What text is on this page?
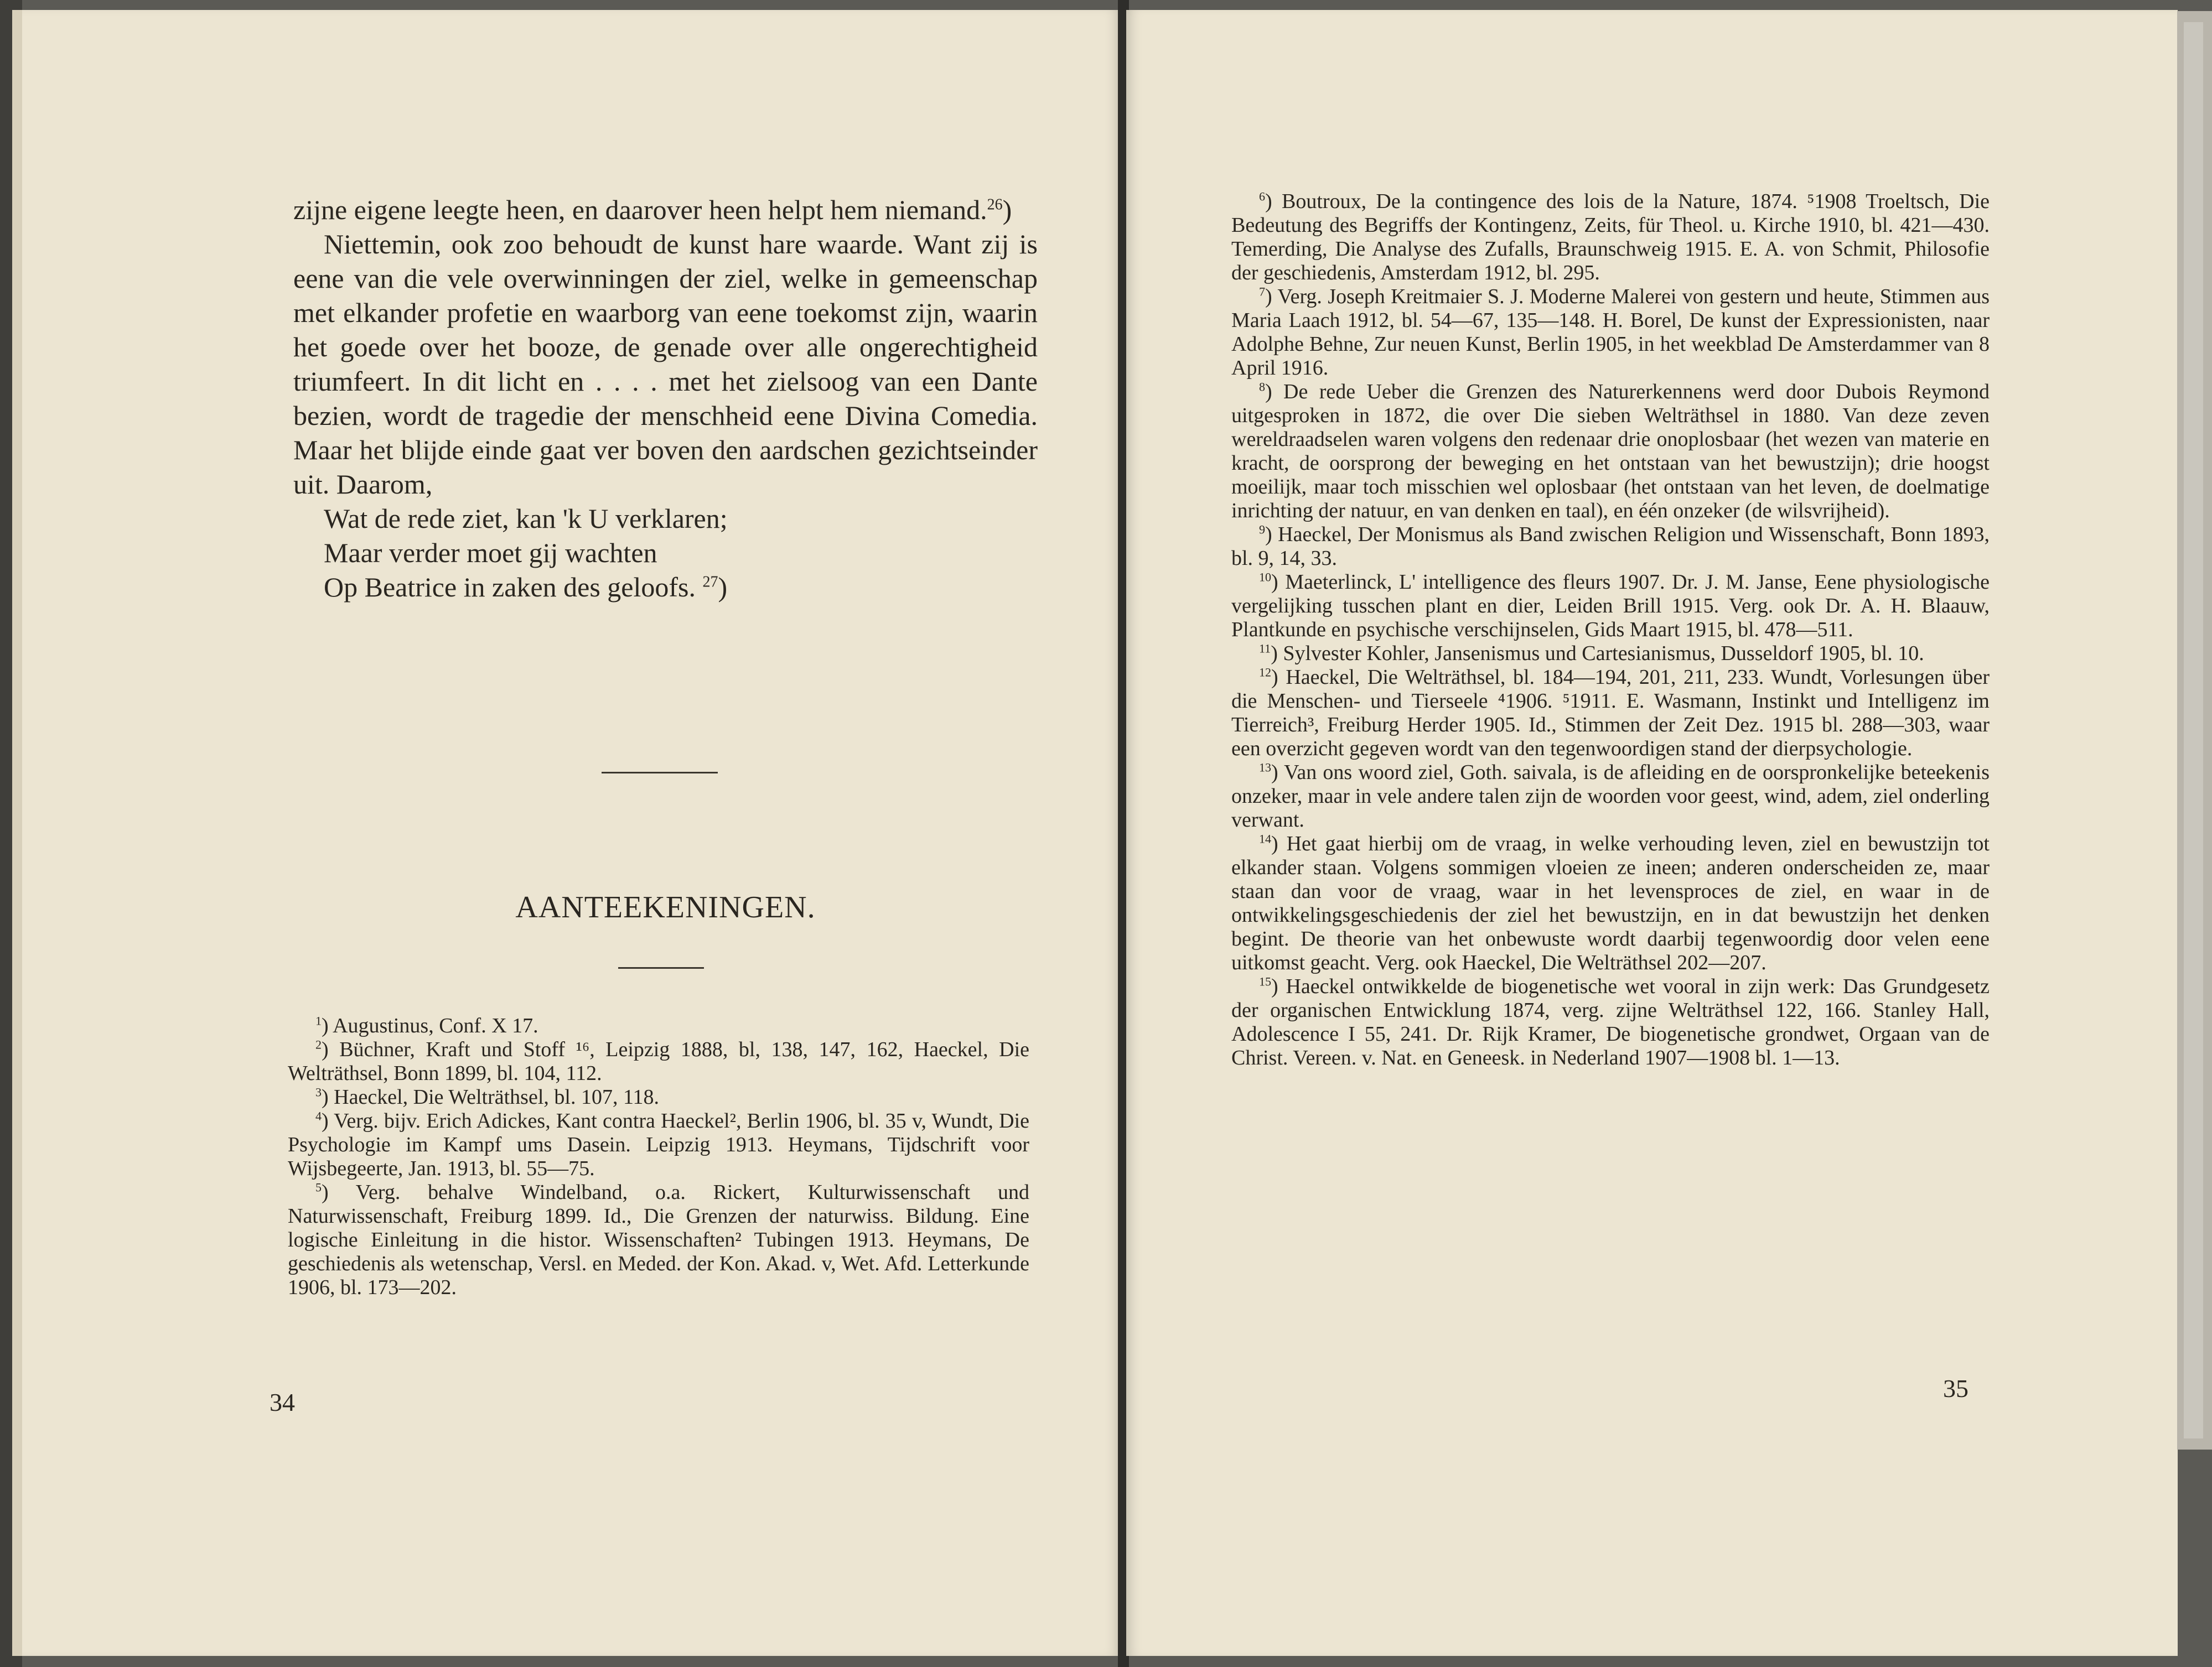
zijne eigene leegte heen, en daarover heen helpt hem niemand.$^{26}$)

Niettemin, ook zoo behoudt de kunst hare waarde. Want zij is eene van die vele overwinningen der ziel, welke in gemeenschap met elkander profetie en waarborg van eene toekomst zijn, waarin het goede over het booze, de genade over alle ongerechtigheid triumfeert. In dit licht en . . . . met het zielsoog van een Dante bezien, wordt de tragedie der menschheid eene Divina Comedia. Maar het blijde einde gaat ver boven den aardschen gezichtseinder uit. Daarom,

Wat de rede ziet, kan 'k U verklaren;

Maar verder moet gij wachten

Op Beatrice in zaken des geloofs. $^{27}$)

AANTEEKENINGEN.

$^1$) Augustinus, Conf. X 17.

$^2$) Büchner, Kraft und Stoff ¹⁶, Leipzig 1888, bl, 138, 147, 162, Haeckel, Die Welträthsel, Bonn 1899, bl. 104, 112.

$^3$) Haeckel, Die Welträthsel, bl. 107, 118.

$^4$) Verg. bijv. Erich Adickes, Kant contra Haeckel², Berlin 1906, bl. 35 v, Wundt, Die Psychologie im Kampf ums Dasein. Leipzig 1913. Heymans, Tijdschrift voor Wijsbegeerte, Jan. 1913, bl. 55—75.

$^5$) Verg. behalve Windelband, o.a. Rickert, Kulturwissenschaft und Naturwissenschaft, Freiburg 1899. Id., Die Grenzen der naturwiss. Bildung. Eine logische Einleitung in die histor. Wissenschaften² Tubingen 1913. Heymans, De geschiedenis als wetenschap, Versl. en Meded. der Kon. Akad. v, Wet. Afd. Letterkunde 1906, bl. 173—202.

34

$^6$) Boutroux, De la contingence des lois de la Nature, 1874. ⁵1908 Troeltsch, Die Bedeutung des Begriffs der Kontingenz, Zeits, für Theol. u. Kirche 1910, bl. 421—430. Temerding, Die Analyse des Zufalls, Braunschweig 1915. E. A. von Schmit, Philosofie der geschiedenis, Amsterdam 1912, bl. 295.

$^7$) Verg. Joseph Kreitmaier S. J. Moderne Malerei von gestern und heute, Stimmen aus Maria Laach 1912, bl. 54—67, 135—148. H. Borel, De kunst der Expressionisten, naar Adolphe Behne, Zur neuen Kunst, Berlin 1905, in het weekblad De Amsterdammer van 8 April 1916.

$^8$) De rede Ueber die Grenzen des Naturerkennens werd door Dubois Reymond uitgesproken in 1872, die over Die sieben Welträthsel in 1880. Van deze zeven wereldraadselen waren volgens den redenaar drie onoplosbaar (het wezen van materie en kracht, de oorsprong der beweging en het ontstaan van het bewustzijn); drie hoogst moeilijk, maar toch misschien wel oplosbaar (het ontstaan van het leven, de doelmatige inrichting der natuur, en van denken en taal), en één onzeker (de wilsvrijheid).

$^9$) Haeckel, Der Monismus als Band zwischen Religion und Wissenschaft, Bonn 1893, bl. 9, 14, 33.

$^{10}$) Maeterlinck, L' intelligence des fleurs 1907. Dr. J. M. Janse, Eene physiologische vergelijking tusschen plant en dier, Leiden Brill 1915. Verg. ook Dr. A. H. Blaauw, Plantkunde en psychische verschijnselen, Gids Maart 1915, bl. 478—511.

$^{11}$) Sylvester Kohler, Jansenismus und Cartesianismus, Dusseldorf 1905, bl. 10.

$^{12}$) Haeckel, Die Welträthsel, bl. 184—194, 201, 211, 233. Wundt, Vorlesungen über die Menschen- und Tierseele ⁴1906. ⁵1911. E. Wasmann, Instinkt und Intelligenz im Tierreich³, Freiburg Herder 1905. Id., Stimmen der Zeit Dez. 1915 bl. 288—303, waar een overzicht gegeven wordt van den tegenwoordigen stand der dierpsychologie.

$^{13}$) Van ons woord ziel, Goth. saivala, is de afleiding en de oorspronkelijke beteekenis onzeker, maar in vele andere talen zijn de woorden voor geest, wind, adem, ziel onderling verwant.

$^{14}$) Het gaat hierbij om de vraag, in welke verhouding leven, ziel en bewustzijn tot elkander staan. Volgens sommigen vloeien ze ineen; anderen onderscheiden ze, maar staan dan voor de vraag, waar in het levensproces de ziel, en waar in de ontwikkelingsgeschiedenis der ziel het bewustzijn, en in dat bewustzijn het denken begint. De theorie van het onbewuste wordt daarbij tegenwoordig door velen eene uitkomst geacht. Verg. ook Haeckel, Die Welträthsel 202—207.

$^{15}$) Haeckel ontwikkelde de biogenetische wet vooral in zijn werk: Das Grundgesetz der organischen Entwicklung 1874, verg. zijne Welträthsel 122, 166. Stanley Hall, Adolescence I 55, 241. Dr. Rijk Kramer, De biogenetische grondwet, Orgaan van de Christ. Vereen. v. Nat. en Geneesk. in Nederland 1907—1908 bl. 1—13.

35
